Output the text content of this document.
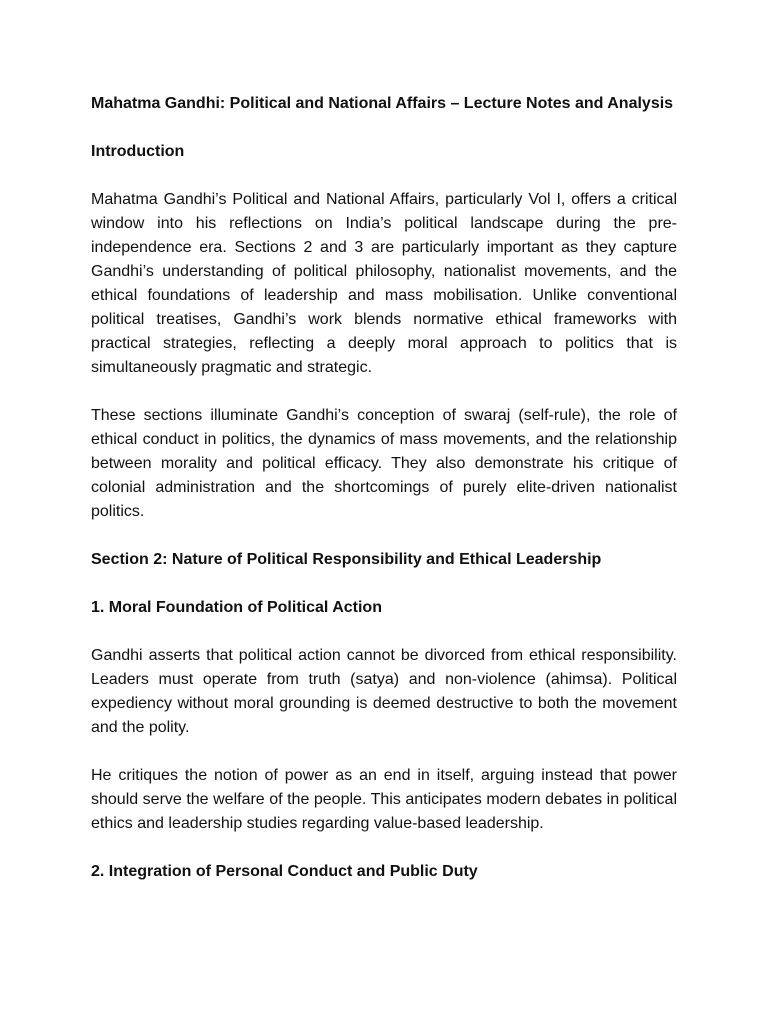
Mahatma Gandhi: Political and National Affairs – Lecture Notes and Analysis
Introduction

Mahatma Gandhi’s Political and National Affairs, particularly Vol I, offers a critical window into his reflections on India’s political landscape during the pre-independence era. Sections 2 and 3 are particularly important as they capture Gandhi’s understanding of political philosophy, nationalist movements, and the ethical foundations of leadership and mass mobilisation. Unlike conventional political treatises, Gandhi’s work blends normative ethical frameworks with practical strategies, reflecting a deeply moral approach to politics that is simultaneously pragmatic and strategic.

These sections illuminate Gandhi’s conception of swaraj (self-rule), the role of ethical conduct in politics, the dynamics of mass movements, and the relationship between morality and political efficacy. They also demonstrate his critique of colonial administration and the shortcomings of purely elite-driven nationalist politics.

Section 2: Nature of Political Responsibility and Ethical Leadership
1. Moral Foundation of Political Action

Gandhi asserts that political action cannot be divorced from ethical responsibility. Leaders must operate from truth (satya) and non-violence (ahimsa). Political expediency without moral grounding is deemed destructive to both the movement and the polity.

He critiques the notion of power as an end in itself, arguing instead that power should serve the welfare of the people. This anticipates modern debates in political ethics and leadership studies regarding value-based leadership.

2. Integration of Personal Conduct and Public Duty
